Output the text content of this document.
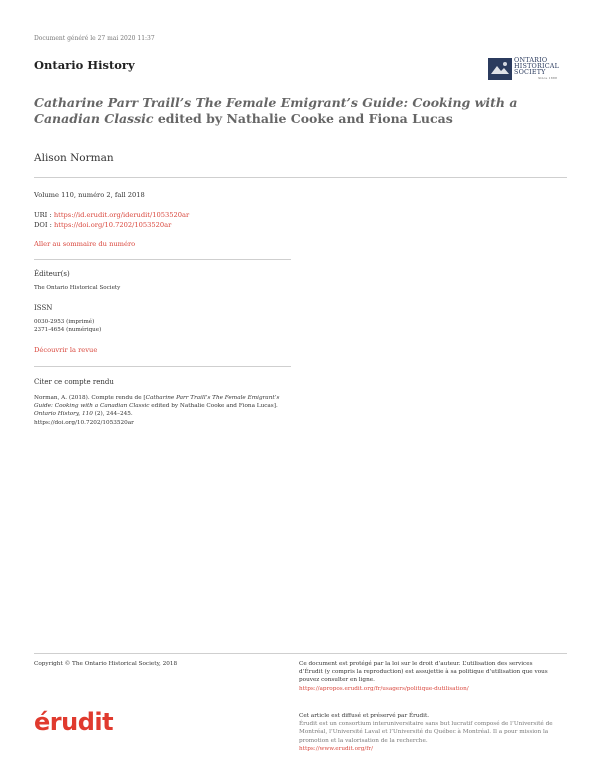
Document généré le 27 mai 2020 11:37
Ontario History	ONTARIO
HISTORICAL
SOCIETY
Since 1888
Catharine Parr Traill’s The Female Emigrant’s Guide: Cooking with a Canadian Classic edited by Nathalie Cooke and Fiona Lucas
Alison Norman
Volume 110, numéro 2, fall 2018
URI : https://id.erudit.org/iderudit/1053520ar
DOI : https://doi.org/10.7202/1053520ar
Aller au sommaire du numéro
Éditeur(s)
The Ontario Historical Society
ISSN
0030-2953 (imprimé)
2371-4654 (numérique)
Découvrir la revue
Citer ce compte rendu
Norman, A. (2018). Compte rendu de [Catharine Parr Traill’s The Female Emigrant’s Guide: Cooking with a Canadian Classic edited by Nathalie Cooke and Fiona Lucas]. Ontario History, 110 (2), 244–245.
https://doi.org/10.7202/1053520ar
Copyright © The Ontario Historical Society, 2018	Ce document est protégé par la loi sur le droit d’auteur. L’utilisation des services d’Érudit (y compris la reproduction) est assujettie à sa politique d’utilisation que vous pouvez consulter en ligne.
https://apropos.erudit.org/fr/usagers/politique-dutilisation/
érudit	Cet article est diffusé et préservé par Érudit.
Érudit est un consortium interuniversitaire sans but lucratif composé de l’Université de Montréal, l’Université Laval et l’Université du Québec à Montréal. Il a pour mission la promotion et la valorisation de la recherche.
https://www.erudit.org/fr/
